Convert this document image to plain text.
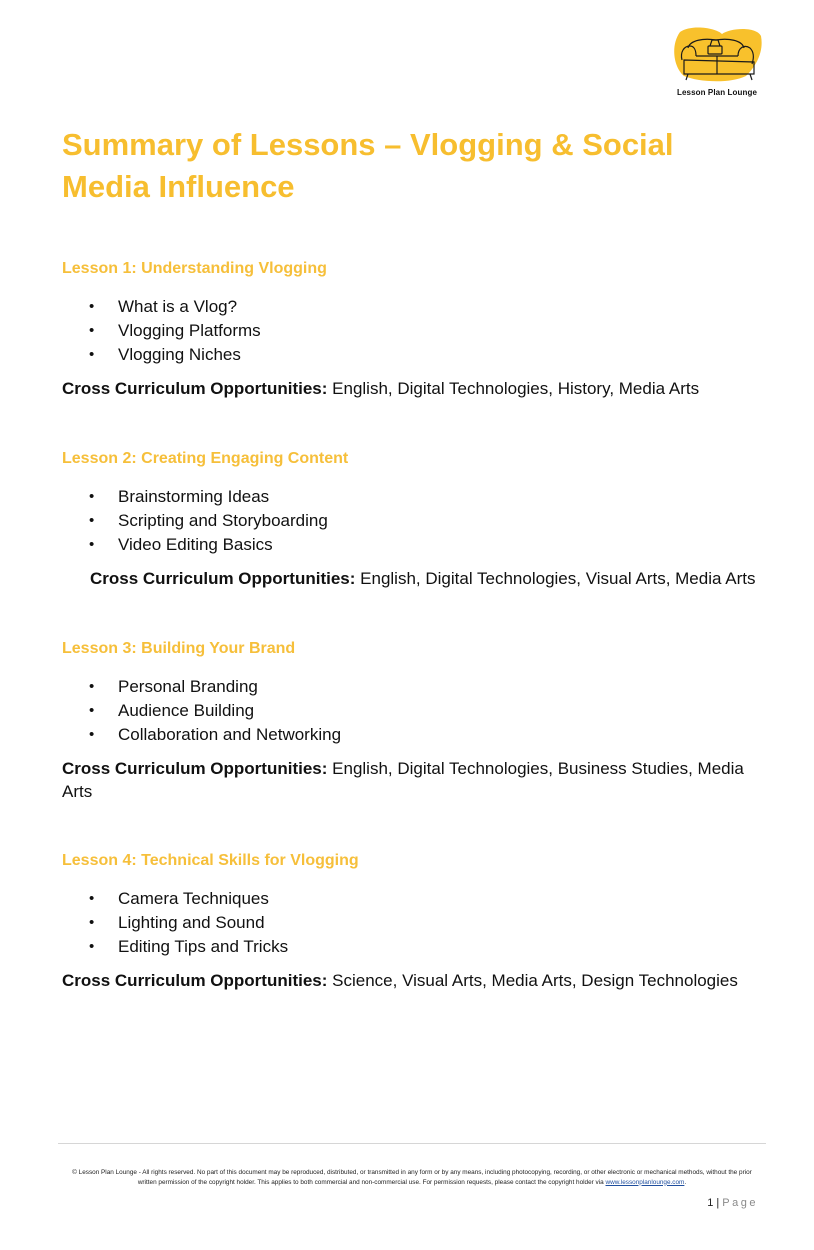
Lesson Plan Lounge
Summary of Lessons – Vlogging & Social Media Influence
Lesson 1: Understanding Vlogging
• What is a Vlog?
• Vlogging Platforms
• Vlogging Niches
Cross Curriculum Opportunities: English, Digital Technologies, History, Media Arts
Lesson 2: Creating Engaging Content
• Brainstorming Ideas
• Scripting and Storyboarding
• Video Editing Basics
Cross Curriculum Opportunities: English, Digital Technologies, Visual Arts, Media Arts
Lesson 3: Building Your Brand
• Personal Branding
• Audience Building
• Collaboration and Networking
Cross Curriculum Opportunities: English, Digital Technologies, Business Studies, Media Arts
Lesson 4: Technical Skills for Vlogging
• Camera Techniques
• Lighting and Sound
• Editing Tips and Tricks
Cross Curriculum Opportunities: Science, Visual Arts, Media Arts, Design Technologies
© Lesson Plan Lounge - All rights reserved. No part of this document may be reproduced, distributed, or transmitted in any form or by any means, including photocopying, recording, or other electronic or mechanical methods, without the prior written permission of the copyright holder. This applies to both commercial and non-commercial use. For permission requests, please contact the copyright holder via www.lessonplanlounge.com.
1 | Page
